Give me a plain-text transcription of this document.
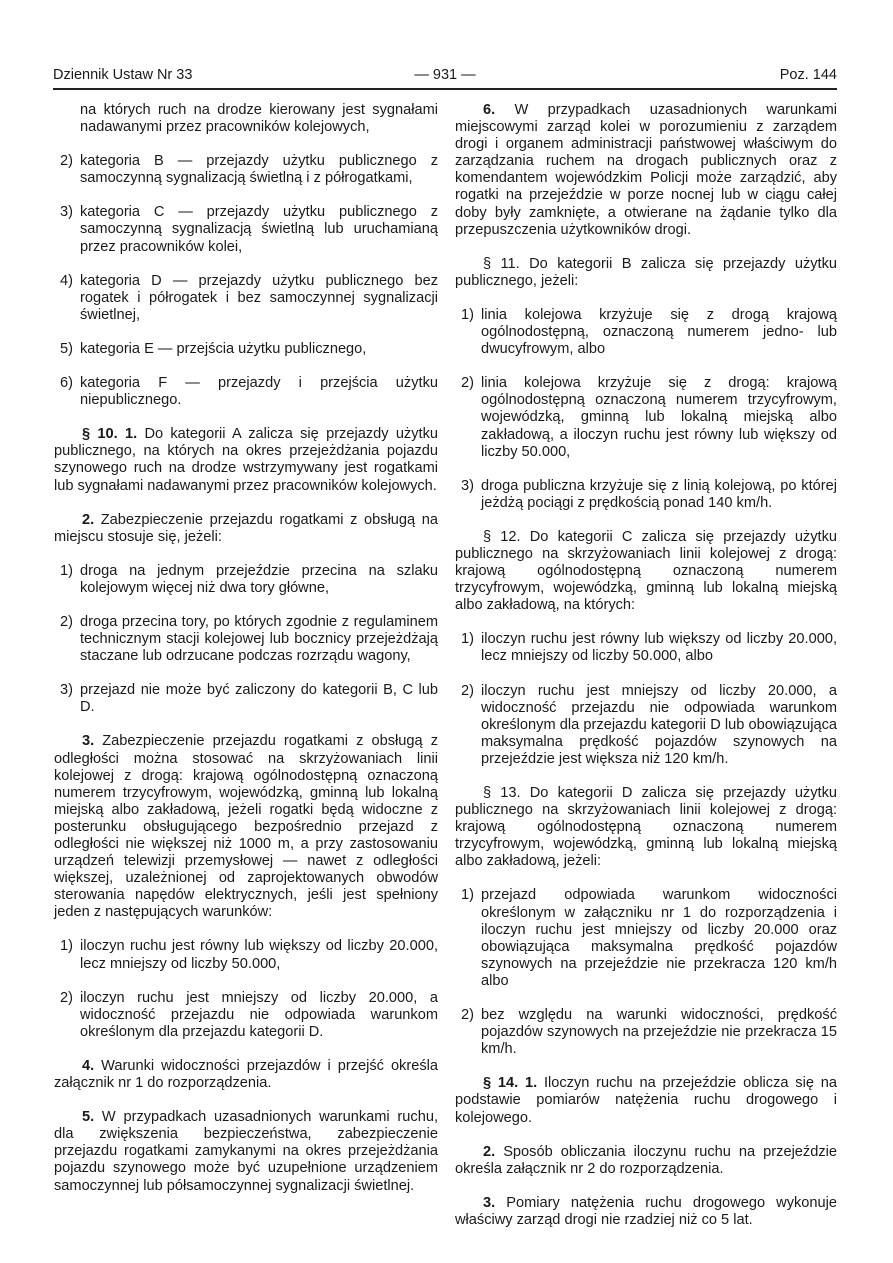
Dziennik Ustaw Nr 33	— 931 —	Poz. 144

na których ruch na drodze kierowany jest sygnałami nadawanymi przez pracowników kolejowych,

2) kategoria B — przejazdy użytku publicznego z samoczynną sygnalizacją świetlną i z półrogatkami,
3) kategoria C — przejazdy użytku publicznego z samoczynną sygnalizacją świetlną lub uruchamianą przez pracowników kolei,
4) kategoria D — przejazdy użytku publicznego bez rogatek i półrogatek i bez samoczynnej sygnalizacji świetlnej,
5) kategoria E — przejścia użytku publicznego,
6) kategoria F — przejazdy i przejścia użytku niepublicznego.

§ 10. 1. Do kategorii A zalicza się przejazdy użytku publicznego, na których na okres przejeżdżania pojazdu szynowego ruch na drodze wstrzymywany jest rogatkami lub sygnałami nadawanymi przez pracowników kolejowych.

2. Zabezpieczenie przejazdu rogatkami z obsługą na miejscu stosuje się, jeżeli:

1) droga na jednym przejeździe przecina na szlaku kolejowym więcej niż dwa tory główne,
2) droga przecina tory, po których zgodnie z regulaminem technicznym stacji kolejowej lub bocznicy przejeżdżają staczane lub odrzucane podczas rozrządu wagony,
3) przejazd nie może być zaliczony do kategorii B, C lub D.

3. Zabezpieczenie przejazdu rogatkami z obsługą z odległości można stosować na skrzyżowaniach linii kolejowej z drogą: krajową ogólnodostępną oznaczoną numerem trzycyfrowym, wojewódzką, gminną lub lokalną miejską albo zakładową, jeżeli rogatki będą widoczne z posterunku obsługującego bezpośrednio przejazd z odległości nie większej niż 1000 m, a przy zastosowaniu urządzeń telewizji przemysłowej — nawet z odległości większej, uzależnionej od zaprojektowanych obwodów sterowania napędów elektrycznych, jeśli jest spełniony jeden z następujących warunków:

1) iloczyn ruchu jest równy lub większy od liczby 20.000, lecz mniejszy od liczby 50.000,
2) iloczyn ruchu jest mniejszy od liczby 20.000, a widoczność przejazdu nie odpowiada warunkom określonym dla przejazdu kategorii D.

4. Warunki widoczności przejazdów i przejść określa załącznik nr 1 do rozporządzenia.

5. W przypadkach uzasadnionych warunkami ruchu, dla zwiększenia bezpieczeństwa, zabezpieczenie przejazdu rogatkami zamykanymi na okres przejeżdżania pojazdu szynowego może być uzupełnione urządzeniem samoczynnej lub półsamoczynnej sygnalizacji świetlnej.

6. W przypadkach uzasadnionych warunkami miejscowymi zarząd kolei w porozumieniu z zarządem drogi i organem administracji państwowej właściwym do zarządzania ruchem na drogach publicznych oraz z komendantem wojewódzkim Policji może zarządzić, aby rogatki na przejeździe w porze nocnej lub w ciągu całej doby były zamknięte, a otwierane na żądanie tylko dla przepuszczenia użytkowników drogi.

§ 11. Do kategorii B zalicza się przejazdy użytku publicznego, jeżeli:

1) linia kolejowa krzyżuje się z drogą krajową ogólnodostępną, oznaczoną numerem jedno- lub dwucyfrowym, albo
2) linia kolejowa krzyżuje się z drogą: krajową ogólnodostępną oznaczoną numerem trzycyfrowym, wojewódzką, gminną lub lokalną miejską albo zakładową, a iloczyn ruchu jest równy lub większy od liczby 50.000,
3) droga publiczna krzyżuje się z linią kolejową, po której jeżdżą pociągi z prędkością ponad 140 km/h.

§ 12. Do kategorii C zalicza się przejazdy użytku publicznego na skrzyżowaniach linii kolejowej z drogą: krajową ogólnodostępną oznaczoną numerem trzycyfrowym, wojewódzką, gminną lub lokalną miejską albo zakładową, na których:

1) iloczyn ruchu jest równy lub większy od liczby 20.000, lecz mniejszy od liczby 50.000, albo
2) iloczyn ruchu jest mniejszy od liczby 20.000, a widoczność przejazdu nie odpowiada warunkom określonym dla przejazdu kategorii D lub obowiązująca maksymalna prędkość pojazdów szynowych na przejeździe jest większa niż 120 km/h.

§ 13. Do kategorii D zalicza się przejazdy użytku publicznego na skrzyżowaniach linii kolejowej z drogą: krajową ogólnodostępną oznaczoną numerem trzycyfrowym, wojewódzką, gminną lub lokalną miejską albo zakładową, jeżeli:

1) przejazd odpowiada warunkom widoczności określonym w załączniku nr 1 do rozporządzenia i iloczyn ruchu jest mniejszy od liczby 20.000 oraz obowiązująca maksymalna prędkość pojazdów szynowych na przejeździe nie przekracza 120 km/h albo
2) bez względu na warunki widoczności, prędkość pojazdów szynowych na przejeździe nie przekracza 15 km/h.

§ 14. 1. Iloczyn ruchu na przejeździe oblicza się na podstawie pomiarów natężenia ruchu drogowego i kolejowego.

2. Sposób obliczania iloczynu ruchu na przejeździe określa załącznik nr 2 do rozporządzenia.

3. Pomiary natężenia ruchu drogowego wykonuje właściwy zarząd drogi nie rzadziej niż co 5 lat.
